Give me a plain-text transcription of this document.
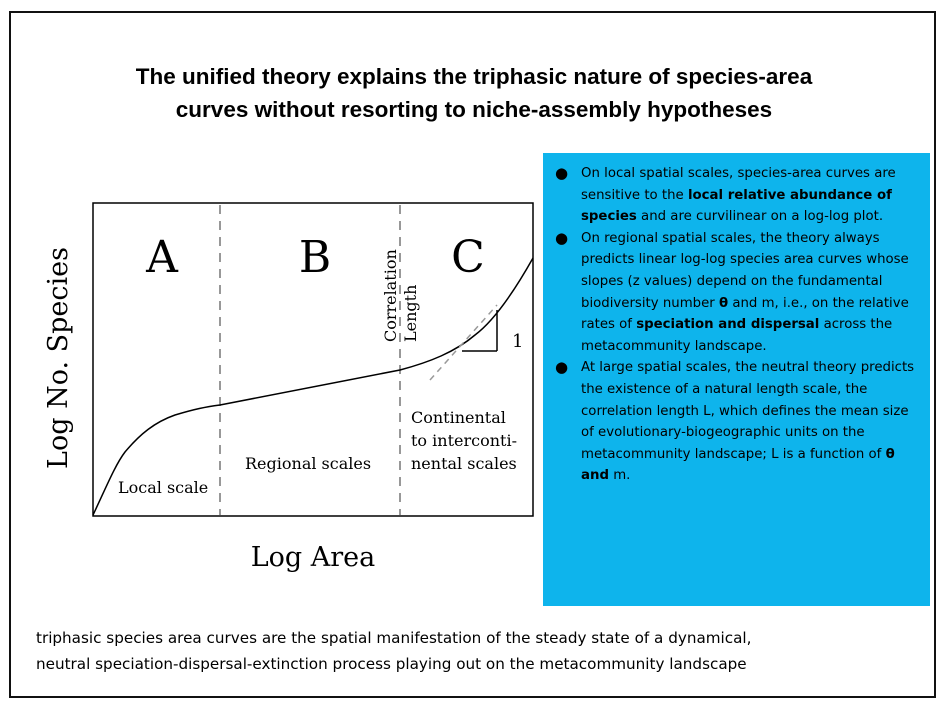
The unified theory explains the triphasic nature of species-area
curves without resorting to niche-assembly hypotheses
A	B	C
Correlation Length	1
Local scale
Regional scales
Continental
to interconti-
nental scales
Log No. Species
Log Area
● On local spatial scales, species-area curves are sensitive to the local relative abundance of species and are curvilinear on a log-log plot.
● On regional spatial scales, the theory always predicts linear log-log species area curves whose slopes (z values) depend on the fundamental biodiversity number θ and m, i.e., on the relative rates of speciation and dispersal across the metacommunity landscape.
● At large spatial scales, the neutral theory predicts the existence of a natural length scale, the correlation length L, which defines the mean size of evolutionary-biogeographic units on the metacommunity landscape; L is a function of θ and m.
triphasic species area curves are the spatial manifestation of the steady state of a dynamical,
neutral speciation-dispersal-extinction process playing out on the metacommunity landscape
